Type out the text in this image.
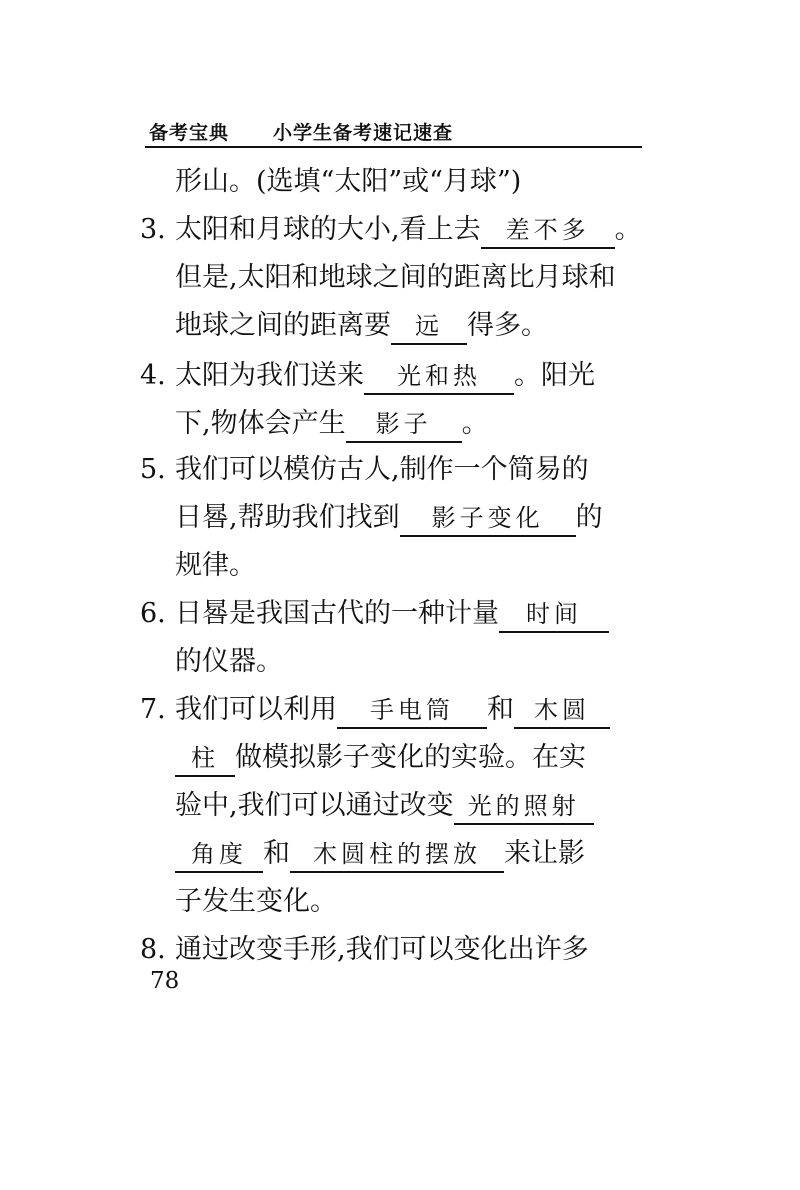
备考宝典 小学生备考速记速查
形山。(选填“太阳”或“月球”)
3. 太阳和月球的大小,看上去 差不多 。
但是,太阳和地球之间的距离比月球和
地球之间的距离要 远 得多。
4. 太阳为我们送来 光和热 。阳光
下,物体会产生 影子 。
5. 我们可以模仿古人,制作一个简易的
日晷,帮助我们找到 影子变化 的
规律。
6. 日晷是我国古代的一种计量 时间
的仪器。
7. 我们可以利用 手电筒 和 木圆
柱 做模拟影子变化的实验。在实
验中,我们可以通过改变 光的照射
角度 和 木圆柱的摆放 来让影
子发生变化。
8. 通过改变手形,我们可以变化出许多
78
